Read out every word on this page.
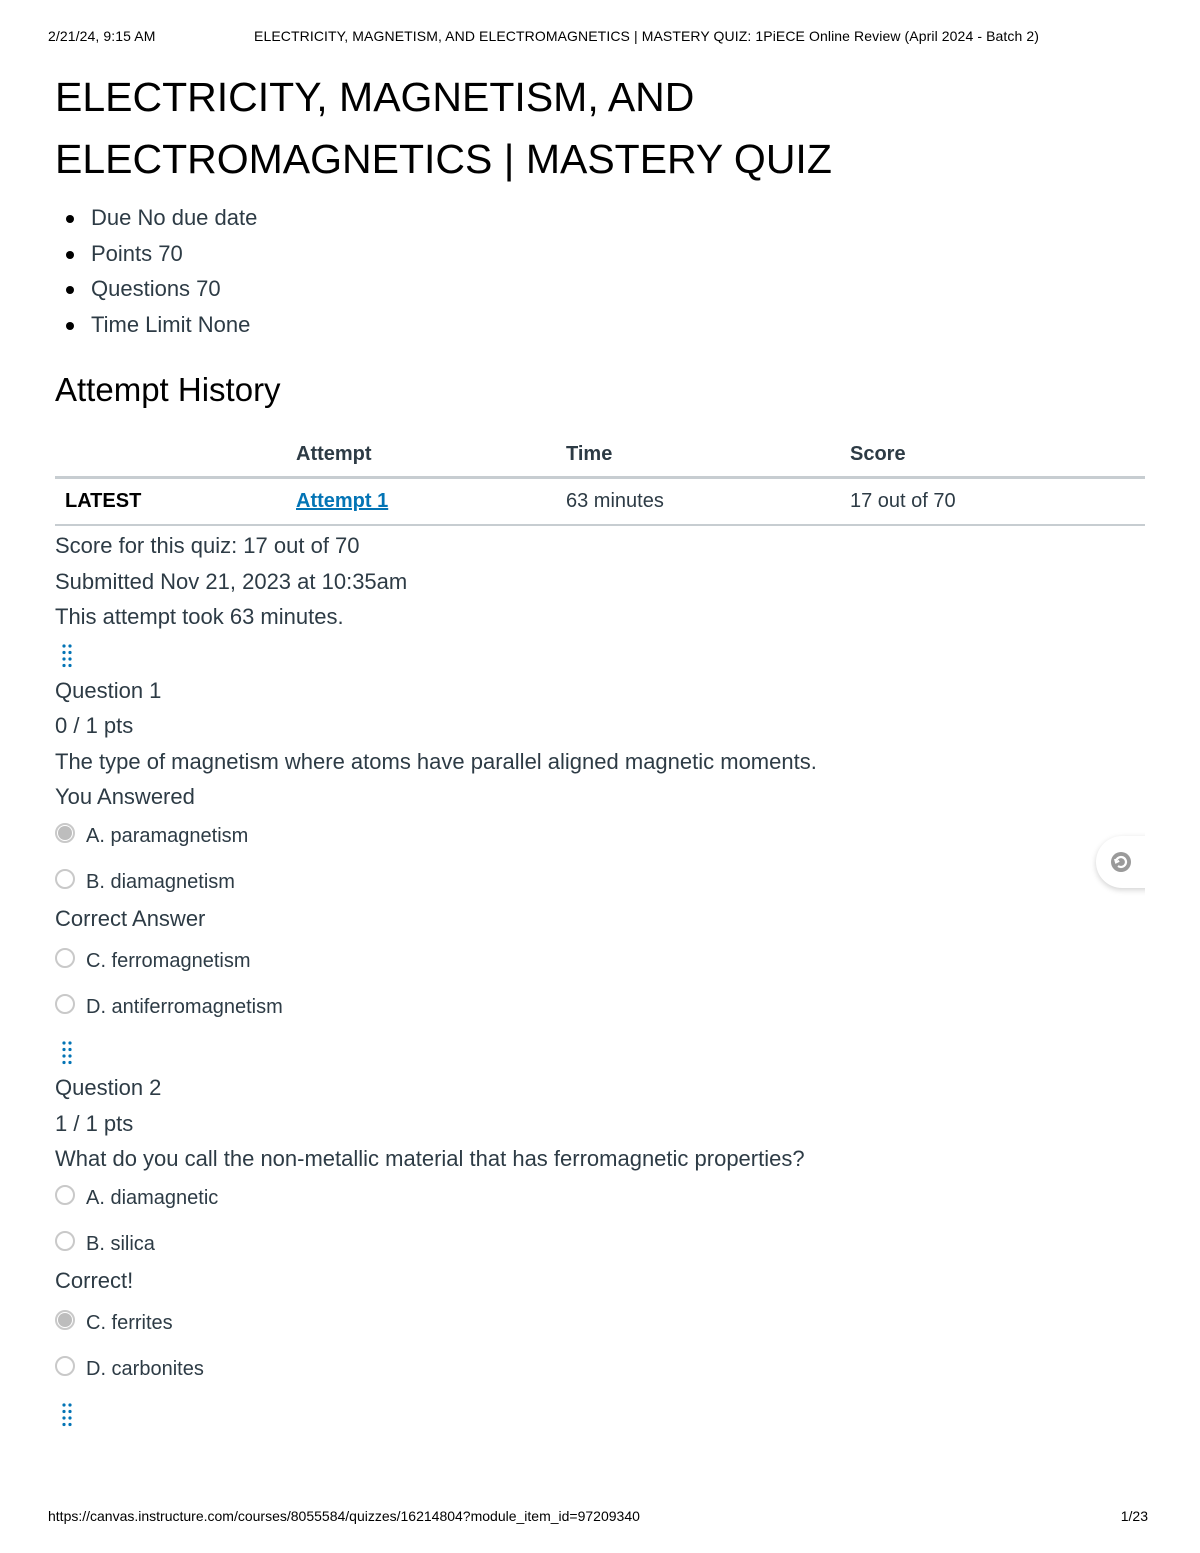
2/21/24, 9:15 AM	ELECTRICITY, MAGNETISM, AND ELECTROMAGNETICS | MASTERY QUIZ: 1PiECE Online Review (April 2024 - Batch 2)
ELECTRICITY, MAGNETISM, AND
ELECTROMAGNETICS | MASTERY QUIZ
Due No due date
Points 70
Questions 70
Time Limit None
Attempt History
	Attempt	Time	Score
LATEST	Attempt 1	63 minutes	17 out of 70
Score for this quiz: 17 out of 70
Submitted Nov 21, 2023 at 10:35am
This attempt took 63 minutes.
Question 1
0 / 1 pts
The type of magnetism where atoms have parallel aligned magnetic moments.
You Answered
A. paramagnetism
B. diamagnetism
Correct Answer
C. ferromagnetism
D. antiferromagnetism
Question 2
1 / 1 pts
What do you call the non-metallic material that has ferromagnetic properties?
A. diamagnetic
B. silica
Correct!
C. ferrites
D. carbonites
https://canvas.instructure.com/courses/8055584/quizzes/16214804?module_item_id=97209340	1/23
